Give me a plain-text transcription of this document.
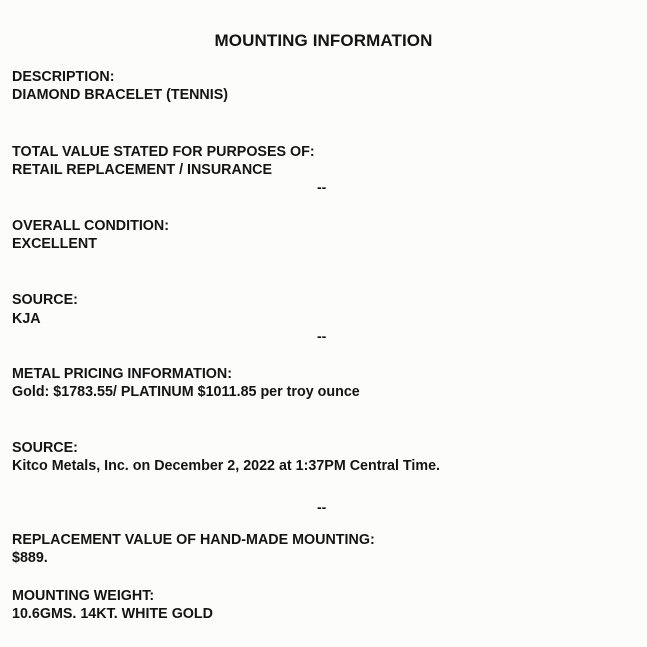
MOUNTING INFORMATION
DESCRIPTION:
DIAMOND BRACELET (TENNIS)
TOTAL VALUE STATED FOR PURPOSES OF:
RETAIL REPLACEMENT / INSURANCE
--
OVERALL CONDITION:
EXCELLENT
SOURCE:
KJA
--
METAL PRICING INFORMATION:
Gold: $1783.55/ PLATINUM $1011.85 per troy ounce
SOURCE:
Kitco Metals, Inc. on December 2, 2022 at 1:37PM Central Time.
--
REPLACEMENT VALUE OF HAND-MADE MOUNTING:
$889.
MOUNTING WEIGHT:
10.6GMS. 14KT. WHITE GOLD
